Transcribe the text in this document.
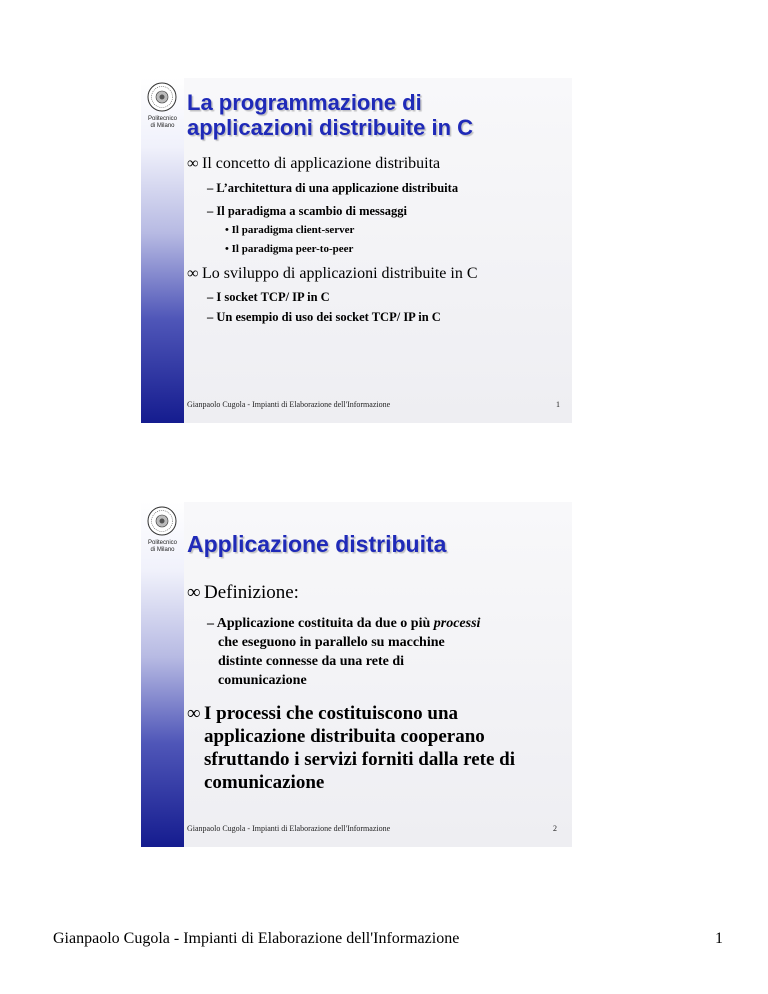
Politecnico
di Milano
La programmazione di
applicazioni distribuite in C
∞ Il concetto di applicazione distribuita
– L’architettura di una applicazione distribuita
– Il paradigma a scambio di messaggi
• Il paradigma client-server
• Il paradigma peer-to-peer
∞ Lo sviluppo di applicazioni distribuite in C
– I socket TCP/ IP in C
– Un esempio di uso dei socket TCP/ IP in C
Gianpaolo Cugola - Impianti di Elaborazione dell'Informazione	1
Politecnico
di Milano Applicazione distribuita
∞ Definizione:
– Applicazione costituita da due o più processi
che eseguono in parallelo su macchine
distinte connesse da una rete di
comunicazione
∞ I processi che costituiscono una
applicazione distribuita cooperano
sfruttando i servizi forniti dalla rete di
comunicazione
Gianpaolo Cugola - Impianti di Elaborazione dell'Informazione	2
Gianpaolo Cugola - Impianti di Elaborazione dell'Informazione	1
